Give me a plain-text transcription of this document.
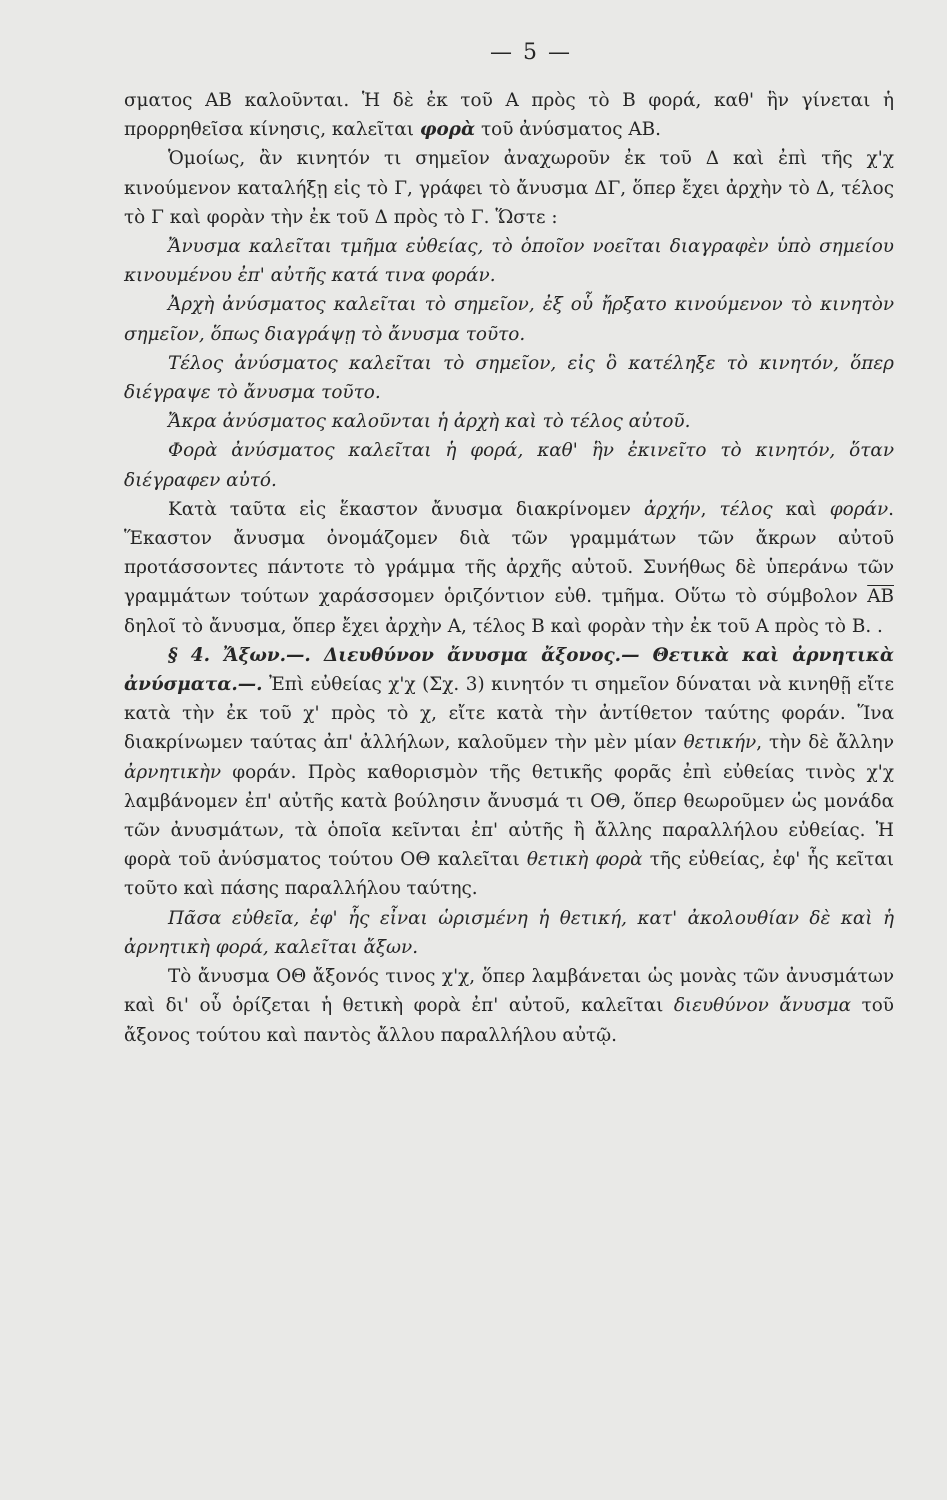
— 5 —

σματος ΑΒ καλοῦνται. Ἡ δὲ ἐκ τοῦ Α πρὸς τὸ Β φορά, καθ' ἣν γίνεται ἡ προρρηθεῖσα κίνησις, καλεῖται φορὰ τοῦ ἀνύσματος ΑΒ.

Ὁμοίως, ἂν κινητόν τι σημεῖον ἀναχωροῦν ἐκ τοῦ Δ καὶ ἐπὶ τῆς χ'χ κινούμενον καταλήξῃ εἰς τὸ Γ, γράφει τὸ ἄνυσμα ΔΓ, ὅπερ ἔχει ἀρχὴν τὸ Δ, τέλος τὸ Γ καὶ φορὰν τὴν ἐκ τοῦ Δ πρὸς τὸ Γ. Ὥστε :

Ἄνυσμα καλεῖται τμῆμα εὐθείας, τὸ ὁποῖον νοεῖται διαγραφὲν ὑπὸ σημείου κινουμένου ἐπ' αὐτῆς κατά τινα φοράν.

Ἀρχὴ ἀνύσματος καλεῖται τὸ σημεῖον, ἐξ οὗ ἤρξατο κινούμενον τὸ κινητὸν σημεῖον, ὅπως διαγράψῃ τὸ ἄνυσμα τοῦτο.

Τέλος ἀνύσματος καλεῖται τὸ σημεῖον, εἰς ὃ κατέληξε τὸ κινητόν, ὅπερ διέγραψε τὸ ἄνυσμα τοῦτο.

Ἄκρα ἀνύσματος καλοῦνται ἡ ἀρχὴ καὶ τὸ τέλος αὐτοῦ.

Φορὰ ἀνύσματος καλεῖται ἡ φορά, καθ' ἣν ἐκινεῖτο τὸ κινητόν, ὅταν διέγραφεν αὐτό.

Κατὰ ταῦτα εἰς ἕκαστον ἄνυσμα διακρίνομεν ἀρχήν, τέλος καὶ φοράν. Ἕκαστον ἄνυσμα ὀνομάζομεν διὰ τῶν γραμμάτων τῶν ἄκρων αὐτοῦ προτάσσοντες πάντοτε τὸ γράμμα τῆς ἀρχῆς αὐτοῦ. Συνήθως δὲ ὑπεράνω τῶν γραμμάτων τούτων χαράσσομεν ὁριζόντιον εὐθ. τμῆμα. Οὕτω τὸ σύμβολον $\overline{AB}$ δηλοῖ τὸ ἄνυσμα, ὅπερ ἔχει ἀρχὴν Α, τέλος Β καὶ φορὰν τὴν ἐκ τοῦ Α πρὸς τὸ Β. .

§ 4. Ἄξων.—. Διευθύνον ἄνυσμα ἄξονος.— Θετικὰ καὶ ἀρνητικὰ ἀνύσματα.—. Ἐπὶ εὐθείας χ'χ (Σχ. 3) κινητόν τι σημεῖον δύναται νὰ κινηθῇ εἴτε κατὰ τὴν ἐκ τοῦ χ' πρὸς τὸ χ, εἴτε κατὰ τὴν ἀντίθετον ταύτης φοράν. Ἵνα διακρίνωμεν ταύτας ἀπ' ἀλλήλων, καλοῦμεν τὴν μὲν μίαν θετικήν, τὴν δὲ ἄλλην ἀρνητικὴν φοράν. Πρὸς καθορισμὸν τῆς θετικῆς φορᾶς ἐπὶ εὐθείας τινὸς χ'χ λαμβάνομεν ἐπ' αὐτῆς κατὰ βούλησιν ἄνυσμά τι ΟΘ, ὅπερ θεωροῦμεν ὡς μονάδα τῶν ἀνυσμάτων, τὰ ὁποῖα κεῖνται ἐπ' αὐτῆς ἢ ἄλλης παραλλήλου εὐθείας. Ἡ φορὰ τοῦ ἀνύσματος τούτου ΟΘ καλεῖται θετικὴ φορὰ τῆς εὐθείας, ἐφ' ἧς κεῖται τοῦτο καὶ πάσης παραλλήλου ταύτης.

Πᾶσα εὐθεῖα, ἐφ' ἧς εἶναι ὡρισμένη ἡ θετική, κατ' ἀκολουθίαν δὲ καὶ ἡ ἀρνητικὴ φορά, καλεῖται ἄξων.

Τὸ ἄνυσμα ΟΘ ἄξονός τινος χ'χ, ὅπερ λαμβάνεται ὡς μονὰς τῶν ἀνυσμάτων καὶ δι' οὗ ὁρίζεται ἡ θετικὴ φορὰ ἐπ' αὐτοῦ, καλεῖται διευθύνον ἄνυσμα τοῦ ἄξονος τούτου καὶ παντὸς ἄλλου παραλλήλου αὐτῷ.
